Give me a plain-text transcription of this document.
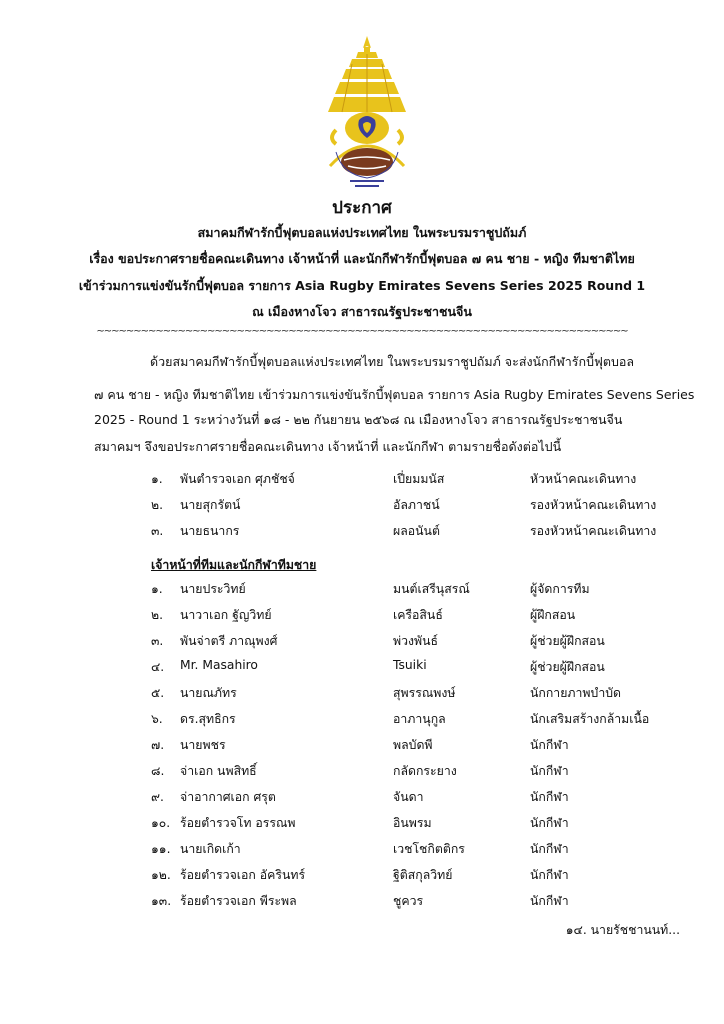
ประกาศ
สมาคมกีฬารักบี้ฟุตบอลแห่งประเทศไทย ในพระบรมราชูปถัมภ์
เรื่อง ขอประกาศรายชื่อคณะเดินทาง เจ้าหน้าที่ และนักกีฬารักบี้ฟุตบอล ๗ คน ชาย - หญิง ทีมชาติไทย
เข้าร่วมการแข่งขันรักบี้ฟุตบอล รายการ Asia Rugby Emirates Sevens Series 2025 Round 1
ณ เมืองหางโจว สาธารณรัฐประชาชนจีน
~~~~~~~~~~~~~~~~~~~~~~~~~~~~~~~~~~~~~~~~~~~~~~~~~~~~~~~~~~~~~~~~~~~~~~~~
ด้วยสมาคมกีฬารักบี้ฟุตบอลแห่งประเทศไทย ในพระบรมราชูปถัมภ์ จะส่งนักกีฬารักบี้ฟุตบอล
๗ คน ชาย - หญิง ทีมชาติไทย เข้าร่วมการแข่งขันรักบี้ฟุตบอล รายการ Asia Rugby Emirates Sevens Series
2025 - Round 1 ระหว่างวันที่ ๑๘ - ๒๒ กันยายน ๒๕๖๘ ณ เมืองหางโจว สาธารณรัฐประชาชนจีน
สมาคมฯ จึงขอประกาศรายชื่อคณะเดินทาง เจ้าหน้าที่ และนักกีฬา ตามรายชื่อดังต่อไปนี้
๑. พันตำรวจเอก ศุภชัชจ์	เปี่ยมมนัส	หัวหน้าคณะเดินทาง
๒. นายสุกรัตน์	อัลภาชน์	รองหัวหน้าคณะเดินทาง
๓. นายธนากร	ผลอนันต์	รองหัวหน้าคณะเดินทาง
เจ้าหน้าที่ทีมและนักกีฬาทีมชาย
๑. นายประวิทย์	มนต์เสรีนุสรณ์	ผู้จัดการทีม
๒. นาวาเอก ฐัญวิทย์	เครือสินธ์	ผู้ฝึกสอน
๓. พันจ่าตรี ภาณุพงศ์	พ่วงพันธ์	ผู้ช่วยผู้ฝึกสอน
๔. Mr. Masahiro	Tsuiki	ผู้ช่วยผู้ฝึกสอน
๕. นายณภัทร	สุพรรณพงษ์	นักกายภาพบำบัด
๖. ดร.สุทธิกร	อาภานุกูล	นักเสริมสร้างกล้ามเนื้อ
๗. นายพชร	พลบัดพี	นักกีฬา
๘. จ่าเอก นพสิทธิ์	กลัดกระยาง	นักกีฬา
๙. จ่าอากาศเอก ศรุต	จันดา	นักกีฬา
๑๐. ร้อยตำรวจโท อรรณพ	อินพรม	นักกีฬา
๑๑. นายเกิดเก้า	เวชโชกิตติกร	นักกีฬา
๑๒. ร้อยตำรวจเอก อัครินทร์	ฐิติสกุลวิทย์	นักกีฬา
๑๓. ร้อยตำรวจเอก พีระพล	ชูควร	นักกีฬา
๑๔. นายรัชชานนท์...
